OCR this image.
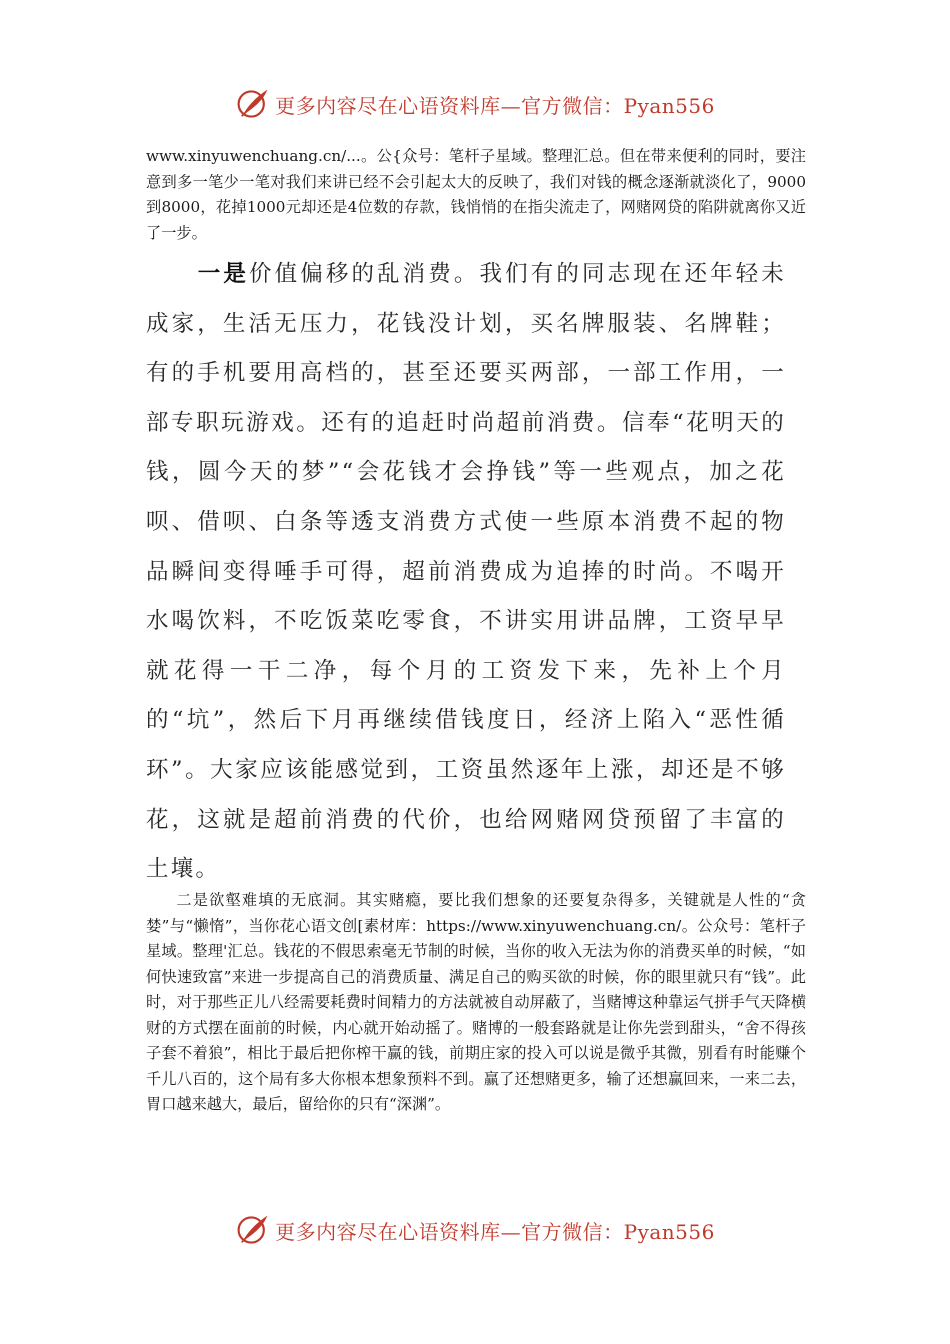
更多内容尽在心语资料库—官方微信：Pyan556

www.xinyuwenchuang.cn/...。公{众号：笔杆子星域。整理汇总。但在带来便利的同时，要注意到多一笔少一笔对我们来讲已经不会引起太大的反映了，我们对钱的概念逐渐就淡化了，9000到8000，花掉1000元却还是4位数的存款，钱悄悄的在指尖流走了，网赌网贷的陷阱就离你又近了一步。

一是价值偏移的乱消费。我们有的同志现在还年轻未成家，生活无压力，花钱没计划，买名牌服装、名牌鞋；有的手机要用高档的，甚至还要买两部，一部工作用，一部专职玩游戏。还有的追赶时尚超前消费。信奉“花明天的钱，圆今天的梦”“会花钱才会挣钱”等一些观点，加之花呗、借呗、白条等透支消费方式使一些原本消费不起的物品瞬间变得唾手可得，超前消费成为追捧的时尚。不喝开水喝饮料，不吃饭菜吃零食，不讲实用讲品牌，工资早早就花得一干二净，每个月的工资发下来，先补上个月的“坑”，然后下月再继续借钱度日，经济上陷入“恶性循环”。大家应该能感觉到，工资虽然逐年上涨，却还是不够花，这就是超前消费的代价，也给网赌网贷预留了丰富的土壤。

二是欲壑难填的无底洞。其实赌瘾，要比我们想象的还要复杂得多，关键就是人性的“贪婪”与“懒惰”，当你花心语文创[素材库：https://www.xinyuwenchuang.cn/。公众号：笔杆子星域。整理'汇总。钱花的不假思索毫无节制的时候，当你的收入无法为你的消费买单的时候，“如何快速致富”来进一步提高自己的消费质量、满足自己的购买欲的时候，你的眼里就只有“钱”。此时，对于那些正儿八经需要耗费时间精力的方法就被自动屏蔽了，当赌博这种靠运气拼手气天降横财的方式摆在面前的时候，内心就开始动摇了。赌博的一般套路就是让你先尝到甜头，“舍不得孩子套不着狼”，相比于最后把你榨干赢的钱，前期庄家的投入可以说是微乎其微，别看有时能赚个千儿八百的，这个局有多大你根本想象预料不到。赢了还想赌更多，输了还想赢回来，一来二去，胃口越来越大，最后，留给你的只有“深渊”。

更多内容尽在心语资料库—官方微信：Pyan556
